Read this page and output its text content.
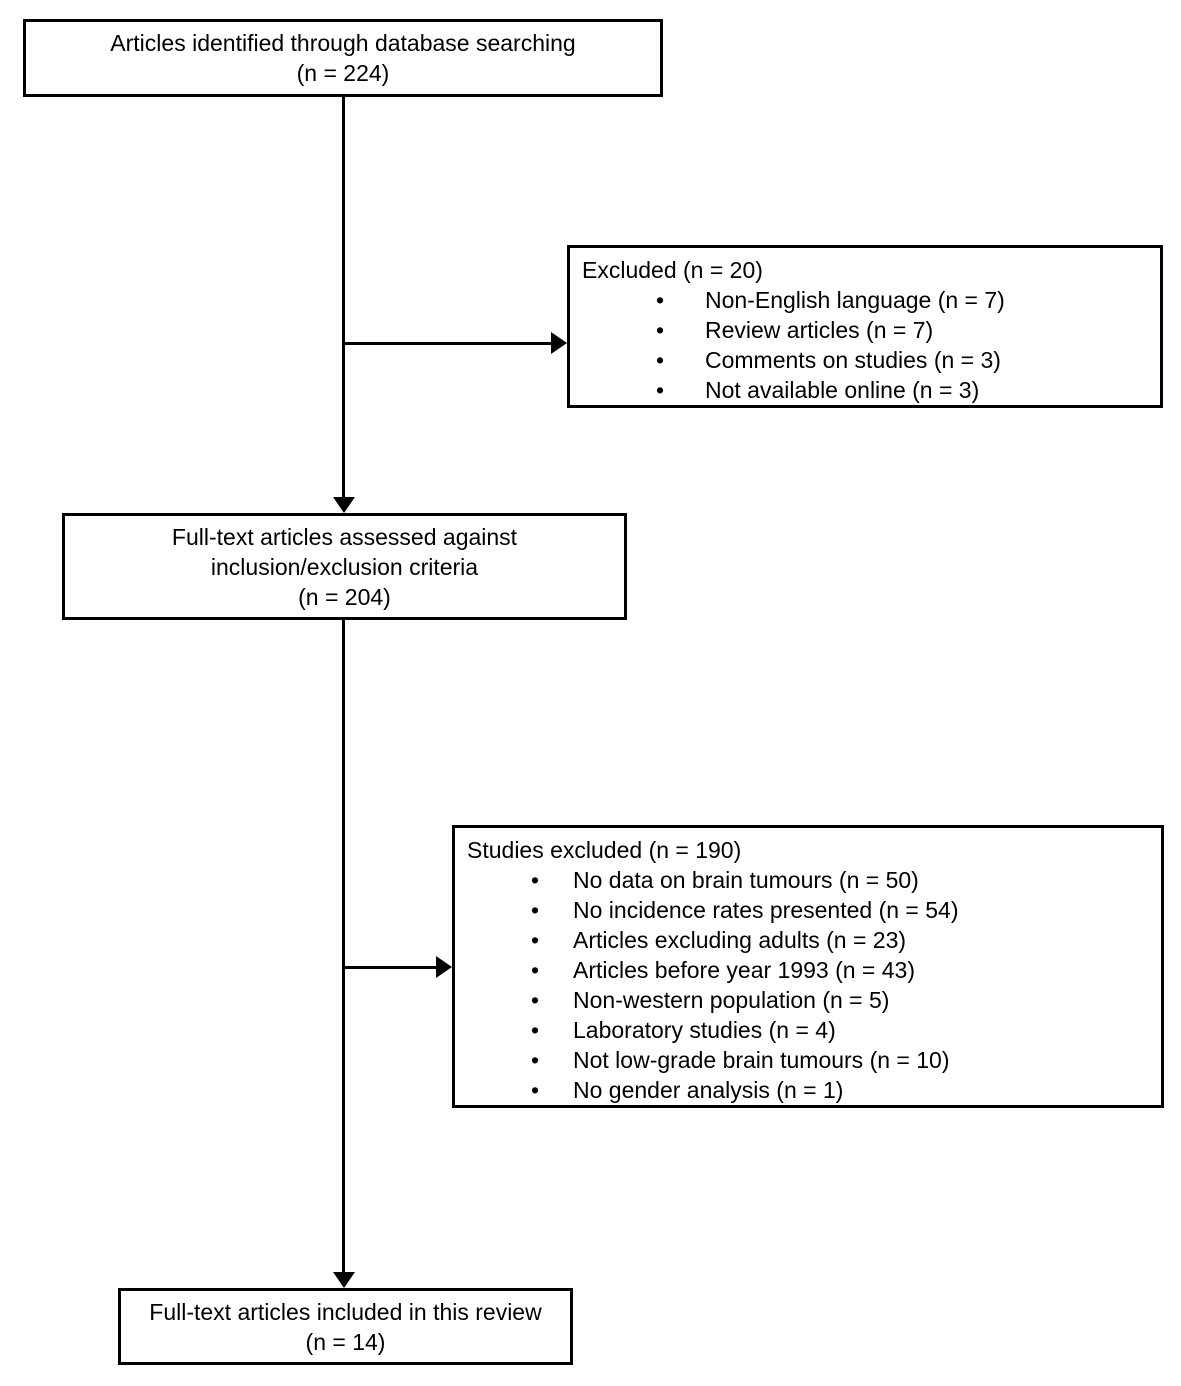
Articles identified through database searching
(n = 224)
Excluded (n = 20)
•	Non-English language (n = 7)
•	Review articles (n = 7)
•	Comments on studies (n = 3)
•	Not available online (n = 3)
Full-text articles assessed against
inclusion/exclusion criteria
(n = 204)
Studies excluded (n = 190)
•	No data on brain tumours (n = 50)
•	No incidence rates presented (n = 54)
•	Articles excluding adults (n = 23)
•	Articles before year 1993 (n = 43)
•	Non-western population (n = 5)
•	Laboratory studies (n = 4)
•	Not low-grade brain tumours (n = 10)
•	No gender analysis (n = 1)
Full-text articles included in this review
(n = 14)
